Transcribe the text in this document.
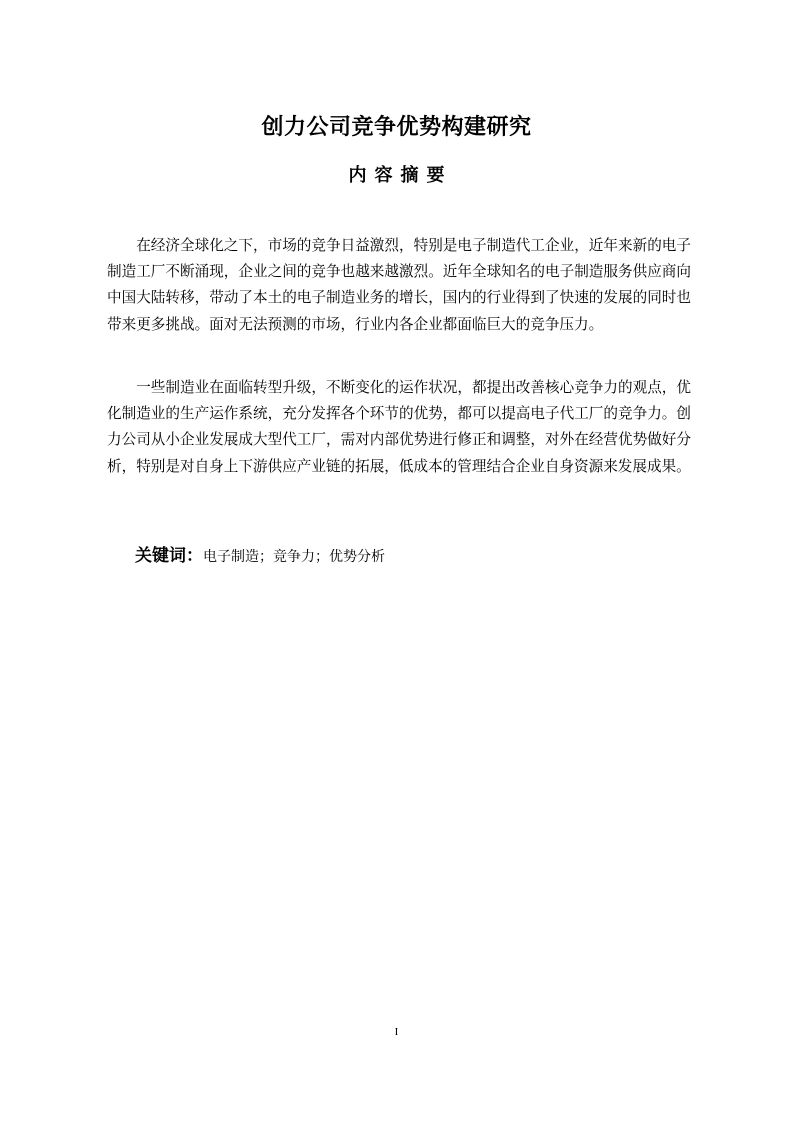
创力公司竞争优势构建研究
内容摘要

在经济全球化之下，市场的竞争日益激烈，特别是电子制造代工企业，近年来新的电子制造工厂不断涌现，企业之间的竞争也越来越激烈。近年全球知名的电子制造服务供应商向中国大陆转移，带动了本土的电子制造业务的增长，国内的行业得到了快速的发展的同时也带来更多挑战。面对无法预测的市场，行业内各企业都面临巨大的竞争压力。

一些制造业在面临转型升级，不断变化的运作状况，都提出改善核心竞争力的观点，优化制造业的生产运作系统，充分发挥各个环节的优势，都可以提高电子代工厂的竞争力。创力公司从小企业发展成大型代工厂，需对内部优势进行修正和调整，对外在经营优势做好分析，特别是对自身上下游供应产业链的拓展，低成本的管理结合企业自身资源来发展成果。

关键词：电子制造；竞争力；优势分析
I
